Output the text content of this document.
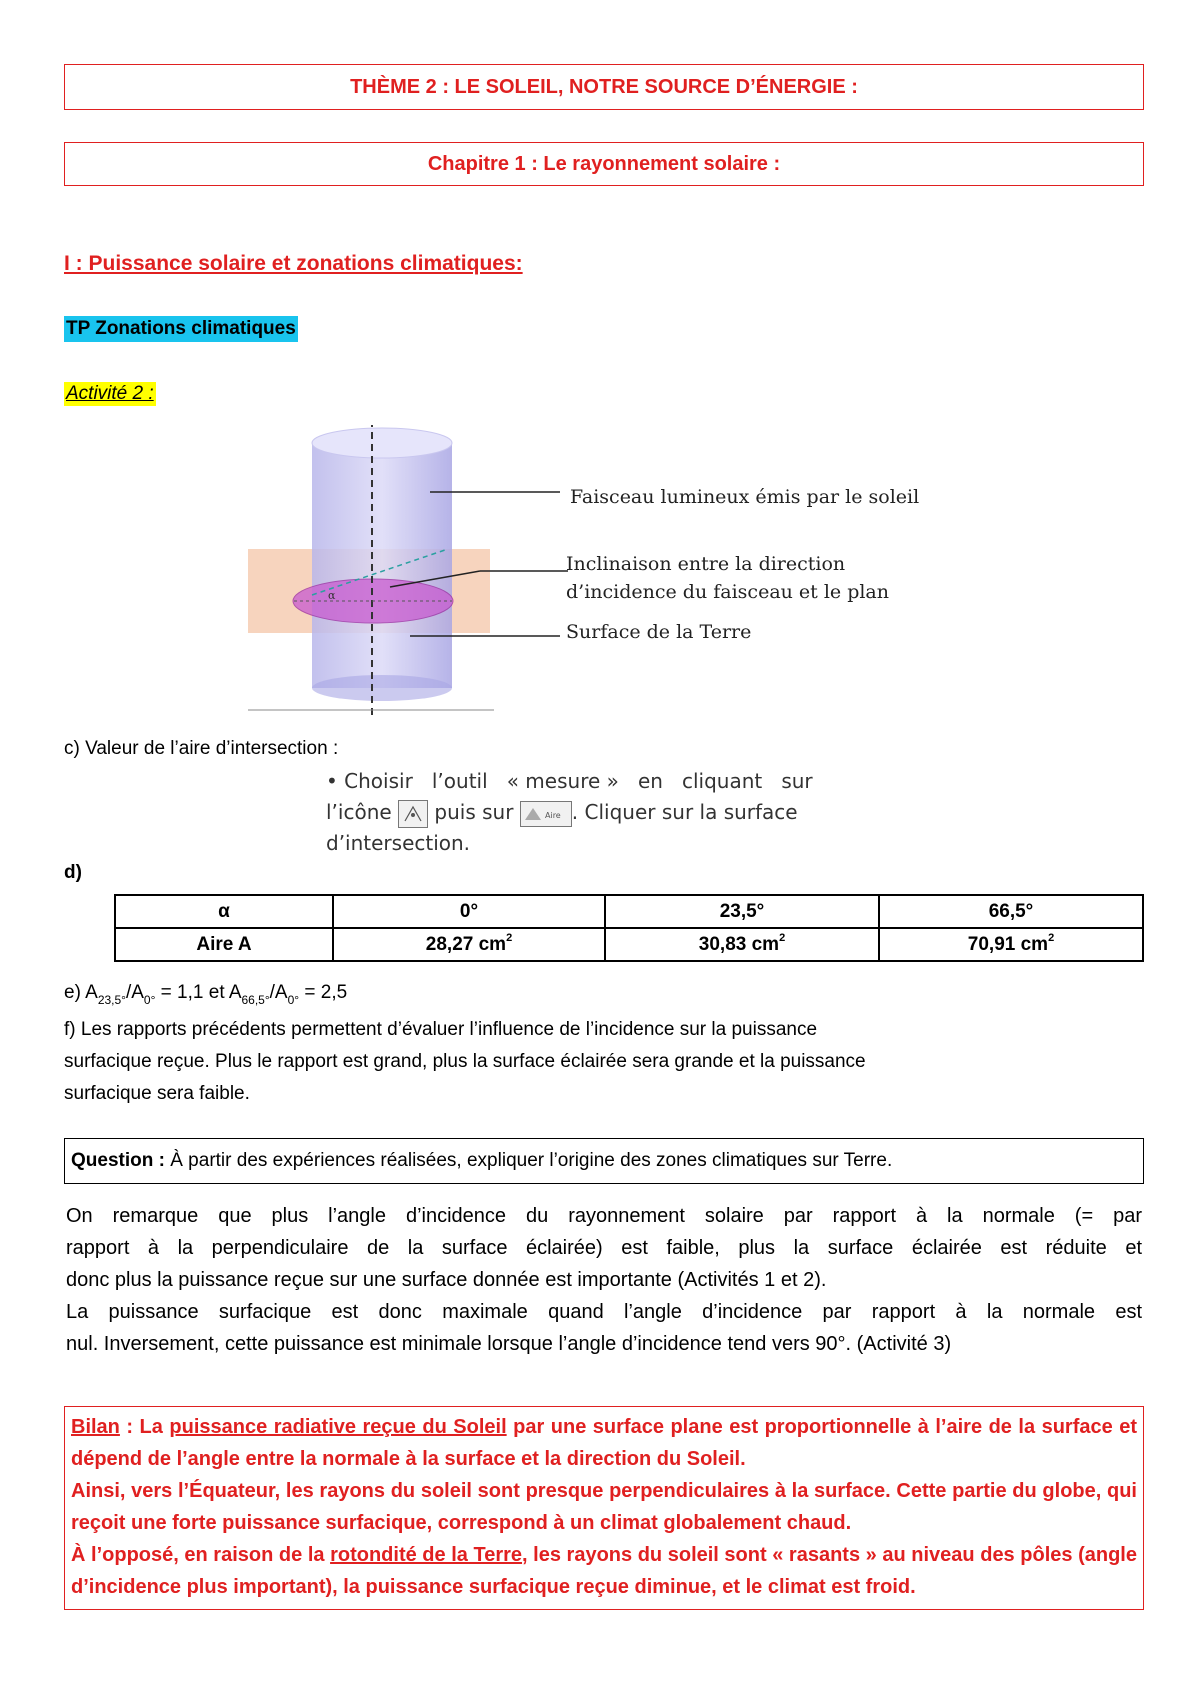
THÈME 2 : LE SOLEIL, NOTRE SOURCE D’ÉNERGIE :
Chapitre 1 : Le rayonnement solaire :
I : Puissance solaire et zonations climatiques:
TP Zonations climatiques
Activité 2 :
α
Faisceau lumineux émis par le soleil
Inclinaison entre la direction
d’incidence du faisceau et le plan
Surface de la Terre
c) Valeur de l’aire d’intersection :
• Choisir   l’outil   « mesure »   en   cliquant   sur
l’icône puis sur	Aire . Cliquer sur la surface
d’intersection.
d)
α	0°	23,5°	66,5°
Aire A	28,27 $cm^2$	30,83 $cm^2$	70,91 $cm^2$
e) $A_{23,5^\circ}/A_{0^\circ} = 1,1$ et $A_{66,5^\circ}/A_{0^\circ} = 2,5$
f) Les rapports précédents permettent d’évaluer l’influence de l’incidence sur la puissance
surfacique reçue. Plus le rapport est grand, plus la surface éclairée sera grande et la puissance
surfacique sera faible.
Question : À partir des expériences réalisées, expliquer l’origine des zones climatiques sur Terre.
On remarque que plus l’angle d’incidence du rayonnement solaire par rapport à la normale (= par
rapport à la perpendiculaire de la surface éclairée) est faible, plus la surface éclairée est réduite et
donc plus la puissance reçue sur une surface donnée est importante (Activités 1 et 2).
La puissance surfacique est donc maximale quand l’angle d’incidence par rapport à la normale est
nul. Inversement, cette puissance est minimale lorsque l’angle d’incidence tend vers 90°. (Activité 3)
Bilan : La puissance radiative reçue du Soleil par une surface plane est proportionnelle à l’aire de la surface et dépend de l’angle entre la normale à la surface et la direction du Soleil.
Ainsi, vers l’Équateur, les rayons du soleil sont presque perpendiculaires à la surface. Cette partie du globe, qui reçoit une forte puissance surfacique, correspond à un climat globalement chaud.
À l’opposé, en raison de la rotondité de la Terre, les rayons du soleil sont « rasants » au niveau des pôles (angle d’incidence plus important), la puissance surfacique reçue diminue, et le climat est froid.
